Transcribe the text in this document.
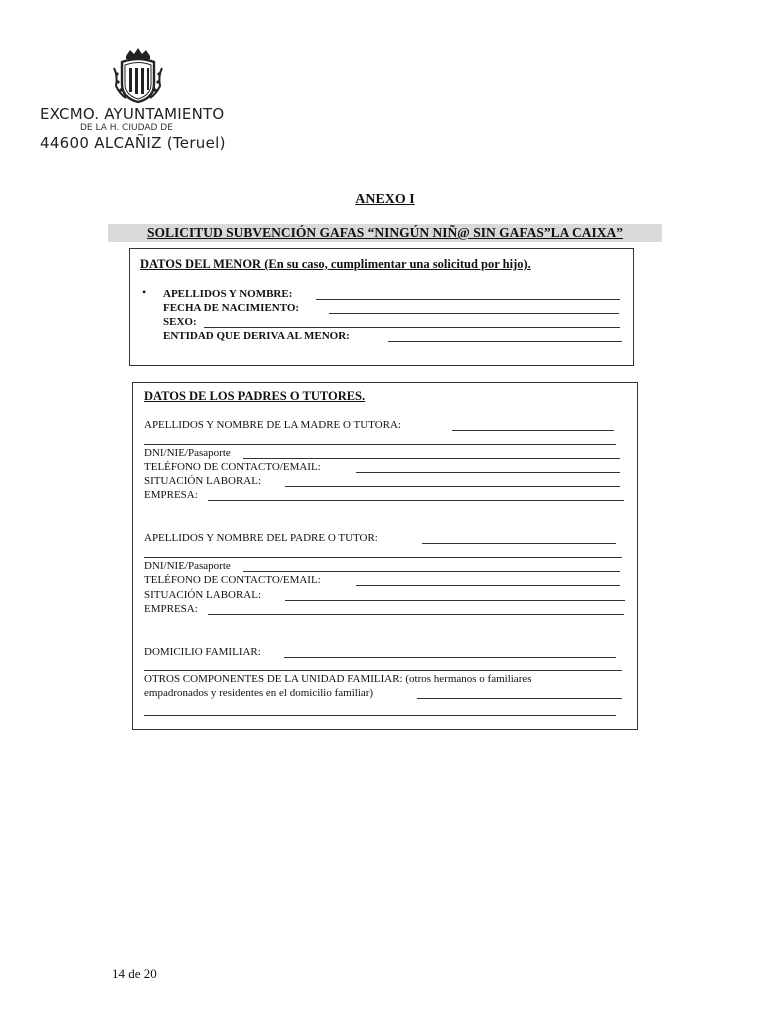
EXCMO. AYUNTAMIENTO
DE LA H. CIUDAD DE
44600 ALCAÑIZ (Teruel)
ANEXO I
SOLICITUD SUBVENCIÓN GAFAS “NINGÚN NIÑ@ SIN GAFAS”LA CAIXA”
DATOS DEL MENOR (En su caso, cumplimentar una solicitud por hijo).
• APELLIDOS Y NOMBRE:
FECHA DE NACIMIENTO:
SEXO:
ENTIDAD QUE DERIVA AL MENOR:
DATOS DE LOS PADRES O TUTORES.
APELLIDOS Y NOMBRE DE LA MADRE O TUTORA:
DNI/NIE/Pasaporte
TELÉFONO DE CONTACTO/EMAIL:
SITUACIÓN LABORAL:
EMPRESA:
APELLIDOS Y NOMBRE DEL PADRE O TUTOR:
DNI/NIE/Pasaporte
TELÉFONO DE CONTACTO/EMAIL:
SITUACIÓN LABORAL:
EMPRESA:
DOMICILIO FAMILIAR:
OTROS COMPONENTES DE LA UNIDAD FAMILIAR: (otros hermanos o familiares
empadronados y residentes en el domicilio familiar)
14 de 20
